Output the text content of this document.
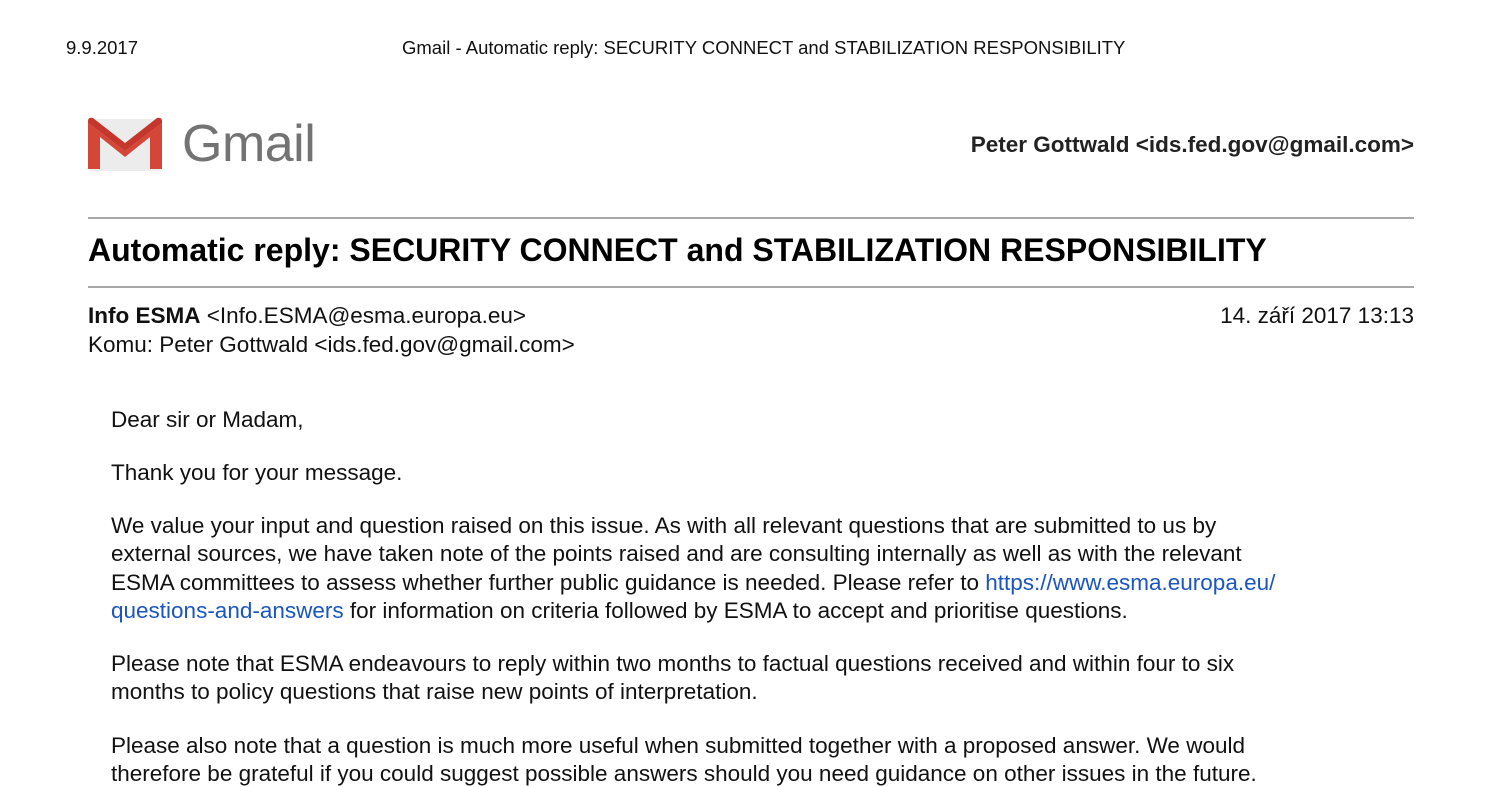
9.9.2017	Gmail - Automatic reply: SECURITY CONNECT and STABILIZATION RESPONSIBILITY
Gmail	Peter Gottwald <ids.fed.gov@gmail.com>
Automatic reply: SECURITY CONNECT and STABILIZATION RESPONSIBILITY
Info ESMA <Info.ESMA@esma.europa.eu>	14. září 2017 13:13
Komu: Peter Gottwald <ids.fed.gov@gmail.com>
Dear sir or Madam,
Thank you for your message.
We value your input and question raised on this issue. As with all relevant questions that are submitted to us by
external sources, we have taken note of the points raised and are consulting internally as well as with the relevant
ESMA committees to assess whether further public guidance is needed. Please refer to https://www.esma.europa.eu/
questions-and-answers for information on criteria followed by ESMA to accept and prioritise questions.
Please note that ESMA endeavours to reply within two months to factual questions received and within four to six
months to policy questions that raise new points of interpretation.
Please also note that a question is much more useful when submitted together with a proposed answer. We would
therefore be grateful if you could suggest possible answers should you need guidance on other issues in the future.
